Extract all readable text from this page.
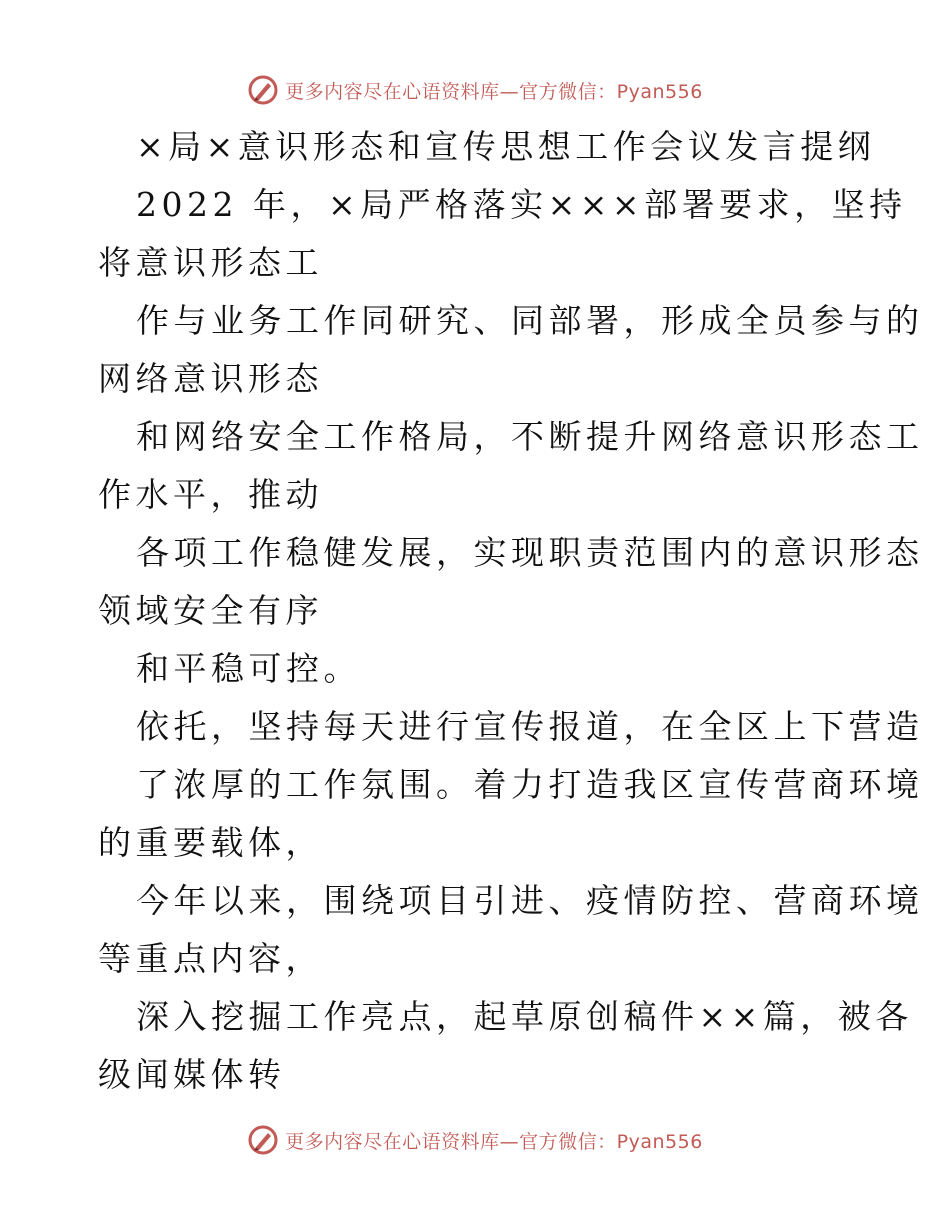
更多内容尽在心语资料库—官方微信：Pyan556
×局×意识形态和宣传思想工作会议发言提纲
2022 年，×局严格落实×××部署要求，坚持
将意识形态工
作与业务工作同研究、同部署，形成全员参与的
网络意识形态
和网络安全工作格局，不断提升网络意识形态工
作水平，推动
各项工作稳健发展，实现职责范围内的意识形态
领域安全有序
和平稳可控。
依托，坚持每天进行宣传报道，在全区上下营造
了浓厚的工作氛围。着力打造我区宣传营商环境
的重要载体，
今年以来，围绕项目引进、疫情防控、营商环境
等重点内容，
深入挖掘工作亮点，起草原创稿件××篇，被各
级闻媒体转
更多内容尽在心语资料库—官方微信：Pyan556
